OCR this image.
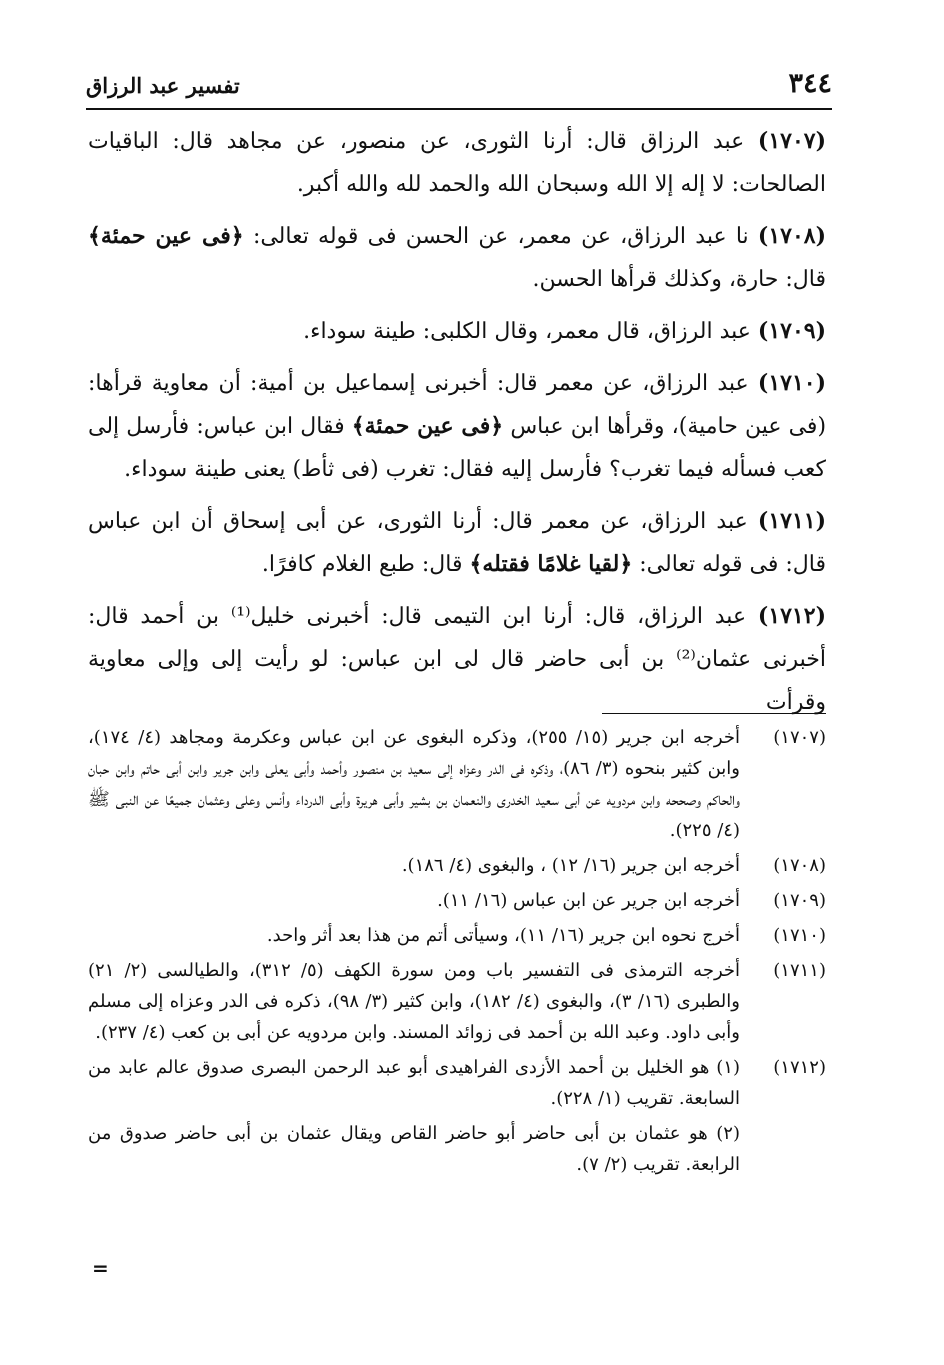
٣٤٤
تفسير عبد الرزاق

(١٧٠٧) عبد الرزاق قال: أرنا الثورى، عن منصور، عن مجاهد قال: الباقيات الصالحات: لا إله إلا الله وسبحان الله والحمد لله والله أكبر.

(١٧٠٨) نا عبد الرزاق، عن معمر، عن الحسن فى قوله تعالى: ﴿فى عين حمئة﴾ قال: حارة، وكذلك قرأها الحسن.

(١٧٠٩) عبد الرزاق، قال معمر، وقال الكلبى: طينة سوداء.

(١٧١٠) عبد الرزاق، عن معمر قال: أخبرنى إسماعيل بن أمية: أن معاوية قرأها: (فى عين حامية)، وقرأها ابن عباس ﴿فى عين حمئة﴾ فقال ابن عباس: فأرسل إلى كعب فسأله فيما تغرب؟ فأرسل إليه فقال: تغرب (فى ثأط) يعنى طينة سوداء.

(١٧١١) عبد الرزاق، عن معمر قال: أرنا الثورى، عن أبى إسحاق أن ابن عباس قال: فى قوله تعالى: ﴿لقيا غلامًا فقتله﴾ قال: طبع الغلام كافرًا.

(١٧١٢) عبد الرزاق، قال: أرنا ابن التيمى قال: أخبرنى خليل⁽¹⁾ بن أحمد قال: أخبرنى عثمان⁽²⁾ بن أبى حاضر قال لى ابن عباس: لو رأيت إلى وإلى معاوية وقرأت

(١٧٠٧)
أخرجه ابن جرير (١٥/ ٢٥٥)، وذكره البغوى عن ابن عباس وعكرمة ومجاهد (٤/ ١٧٤)، وابن كثير بنحوه (٣/ ٨٦)، وذكره فى الدر وعزاه إلى سعيد بن منصور وأحمد وأبى يعلى وابن جرير وابن أبى حاتم وابن حبان والحاكم وصححه وابن مردويه عن أبى سعيد الخدرى والنعمان بن بشير وأبى هريرة وأبى الدرداء وأنس وعلى وعثمان جميعًا عن النبى ﷺ (٤/ ٢٢٥).
(١٧٠٨)
أخرجه ابن جرير (١٦/ ١٢) ، والبغوى (٤/ ١٨٦).
(١٧٠٩)
أخرجه ابن جرير عن ابن عباس (١٦/ ١١).
(١٧١٠)
أخرج نحوه ابن جرير (١٦/ ١١)، وسيأتى أتم من هذا بعد أثر واحد.
(١٧١١)
أخرجه الترمذى فى التفسير باب ومن سورة الكهف (٥/ ٣١٢)، والطيالسى (٢/ ٢١) والطبرى (١٦/ ٣)، والبغوى (٤/ ١٨٢)، وابن كثير (٣/ ٩٨)، ذكره فى الدر وعزاه إلى مسلم وأبى داود. وعبد الله بن أحمد فى زوائد المسند. وابن مردويه عن أبى بن كعب (٤/ ٢٣٧).
(١٧١٢)
(١) هو الخليل بن أحمد الأزدى الفراهيدى أبو عبد الرحمن البصرى صدوق عالم عابد من السابعة. تقريب (١/ ٢٢٨).
(٢) هو عثمان بن أبى حاضر أبو حاضر القاص ويقال عثمان بن أبى حاضر صدوق من الرابعة. تقريب (٢/ ٧).
=
